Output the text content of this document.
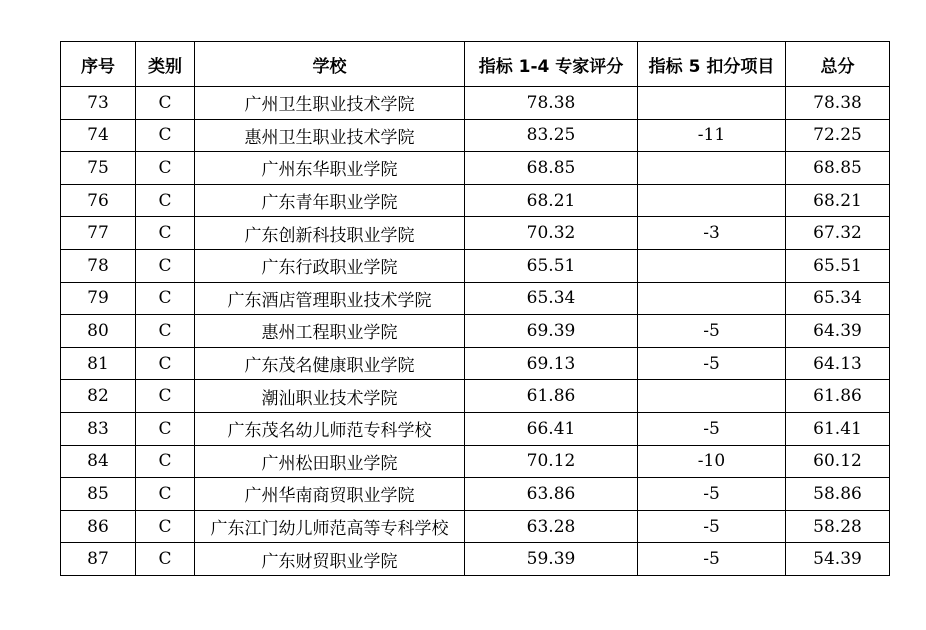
序号	类别	学校	指标 1-4 专家评分	指标 5 扣分项目	总分
73	C	广州卫生职业技术学院	78.38		78.38
74	C	惠州卫生职业技术学院	83.25	-11	72.25
75	C	广州东华职业学院	68.85		68.85
76	C	广东青年职业学院	68.21		68.21
77	C	广东创新科技职业学院	70.32	-3	67.32
78	C	广东行政职业学院	65.51		65.51
79	C	广东酒店管理职业技术学院	65.34		65.34
80	C	惠州工程职业学院	69.39	-5	64.39
81	C	广东茂名健康职业学院	69.13	-5	64.13
82	C	潮汕职业技术学院	61.86		61.86
83	C	广东茂名幼儿师范专科学校	66.41	-5	61.41
84	C	广州松田职业学院	70.12	-10	60.12
85	C	广州华南商贸职业学院	63.86	-5	58.86
86	C	广东江门幼儿师范高等专科学校	63.28	-5	58.28
87	C	广东财贸职业学院	59.39	-5	54.39
